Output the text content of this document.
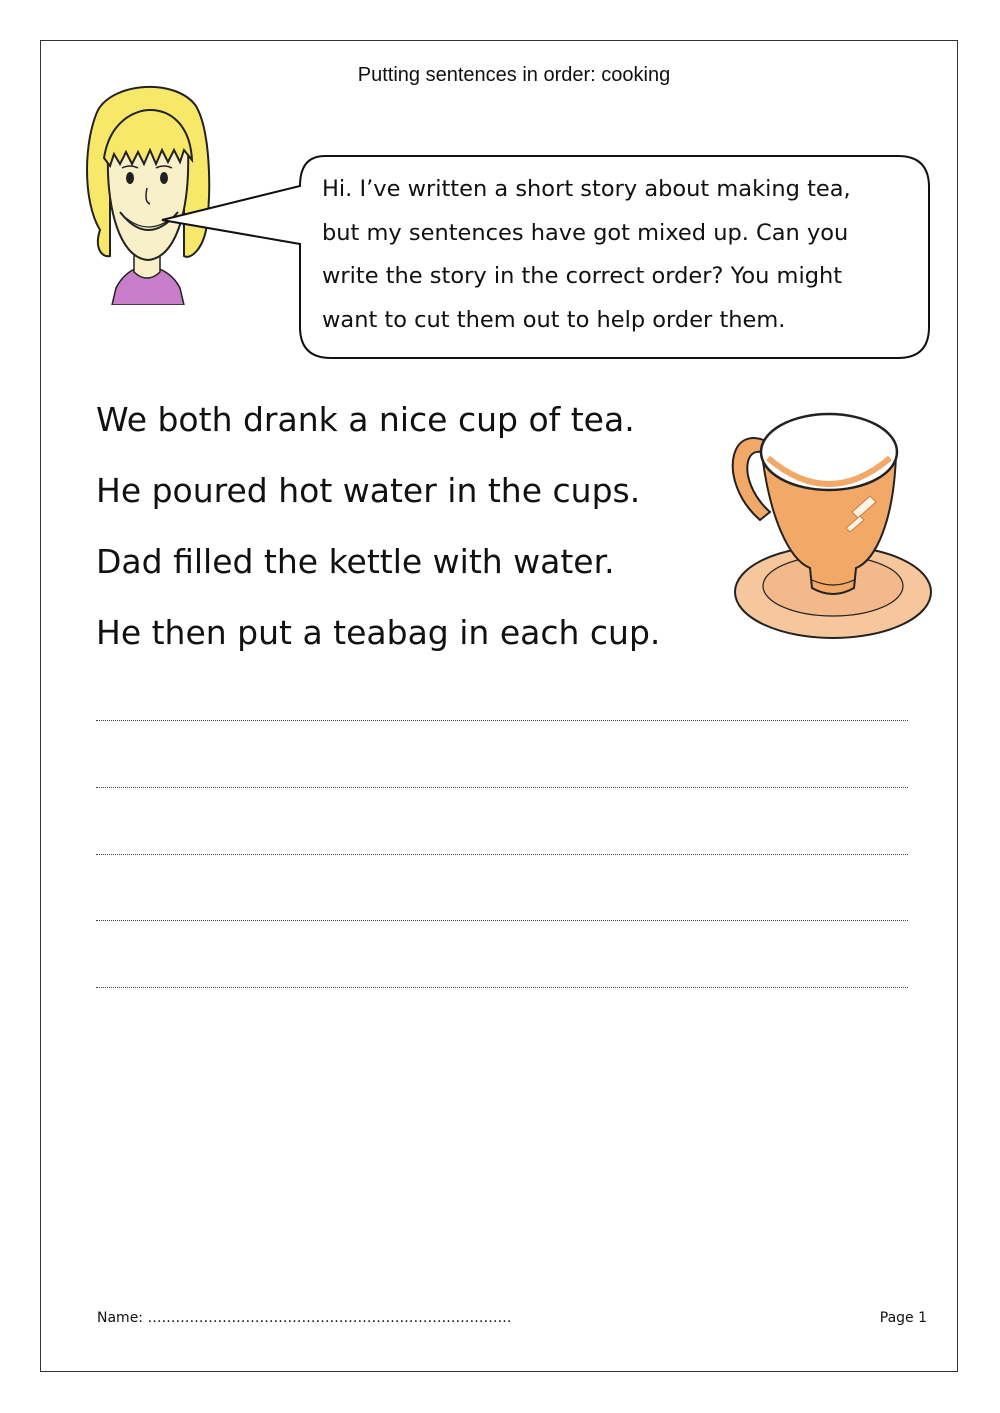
Putting sentences in order: cooking
Hi. I’ve written a short story about making tea,
but my sentences have got mixed up. Can you
write the story in the correct order? You might
want to cut them out to help order them.
We both drank a nice cup of tea.
He poured hot water in the cups.
Dad filled the kettle with water.
He then put a teabag in each cup.
Name: ……………………………………………………………………	Page 1
